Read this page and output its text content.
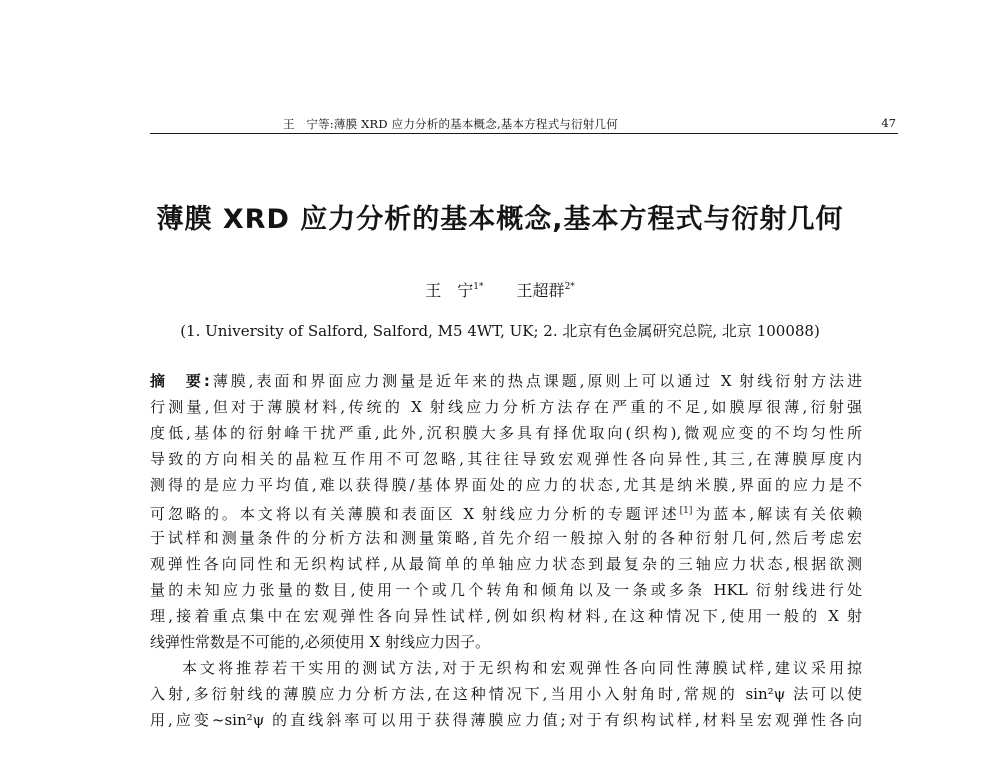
王　宁等:薄膜 XRD 应力分析的基本概念,基本方程式与衍射几何	47
薄膜 XRD 应力分析的基本概念,基本方程式与衍射几何
王　宁$^{1*}$ 王超群$^{2*}$
(1. University of Salford, Salford, M5 4WT, UK; 2. 北京有色金属研究总院, 北京 100088)
摘　要:薄膜,表面和界面应力测量是近年来的热点课题,原则上可以通过 X 射线衍射方法进
行测量,但对于薄膜材料,传统的 X 射线应力分析方法存在严重的不足,如膜厚很薄,衍射强
度低,基体的衍射峰干扰严重,此外,沉积膜大多具有择优取向(织构),微观应变的不均匀性所
导致的方向相关的晶粒互作用不可忽略,其往往导致宏观弹性各向异性,其三,在薄膜厚度内
测得的是应力平均值,难以获得膜/基体界面处的应力的状态,尤其是纳米膜,界面的应力是不
可忽略的。本文将以有关薄膜和表面区 X 射线应力分析的专题评述[1]为蓝本,解读有关依赖
于试样和测量条件的分析方法和测量策略,首先介绍一般掠入射的各种衍射几何,然后考虑宏
观弹性各向同性和无织构试样,从最简单的单轴应力状态到最复杂的三轴应力状态,根据欲测
量的未知应力张量的数目,使用一个或几个转角和倾角以及一条或多条 HKL 衍射线进行处
理,接着重点集中在宏观弹性各向异性试样,例如织构材料,在这种情况下,使用一般的 X 射
线弹性常数是不可能的,必须使用 X 射线应力因子。
本文将推荐若干实用的测试方法,对于无织构和宏观弹性各向同性薄膜试样,建议采用掠
入射,多衍射线的薄膜应力分析方法,在这种情况下,当用小入射角时,常规的 sin²ψ 法可以使
用,应变~sin²ψ 的直线斜率可以用于获得薄膜应力值;对于有织构试样,材料呈宏观弹性各向
